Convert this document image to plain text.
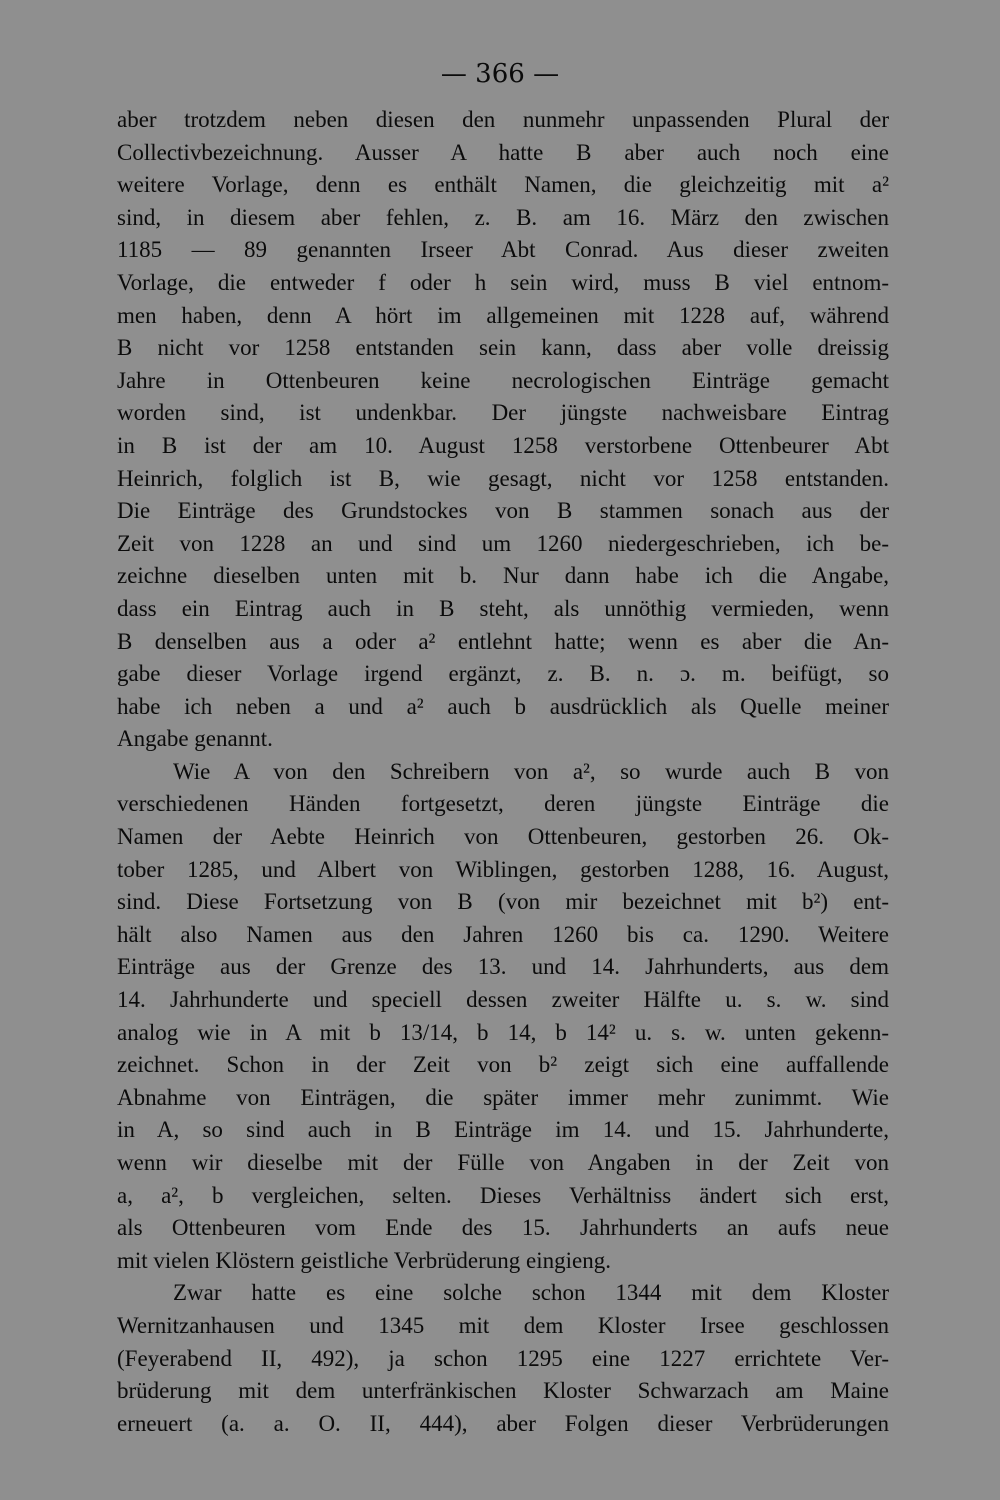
— 366 —
aber trotzdem neben diesen den nunmehr unpassenden Plural der
Collectivbezeichnung. Ausser A hatte B aber auch noch eine
weitere Vorlage, denn es enthält Namen, die gleichzeitig mit a²
sind, in diesem aber fehlen, z. B. am 16. März den zwischen
1185 — 89 genannten Irseer Abt Conrad. Aus dieser zweiten
Vorlage, die entweder f oder h sein wird, muss B viel entnom-
men haben, denn A hört im allgemeinen mit 1228 auf, während
B nicht vor 1258 entstanden sein kann, dass aber volle dreissig
Jahre in Ottenbeuren keine necrologischen Einträge gemacht
worden sind, ist undenkbar. Der jüngste nachweisbare Eintrag
in B ist der am 10. August 1258 verstorbene Ottenbeurer Abt
Heinrich, folglich ist B, wie gesagt, nicht vor 1258 entstanden.
Die Einträge des Grundstockes von B stammen sonach aus der
Zeit von 1228 an und sind um 1260 niedergeschrieben, ich be-
zeichne dieselben unten mit b. Nur dann habe ich die Angabe,
dass ein Eintrag auch in B steht, als unnöthig vermieden, wenn
B denselben aus a oder a² entlehnt hatte; wenn es aber die An-
gabe dieser Vorlage irgend ergänzt, z. B. n. ɔ. m. beifügt, so
habe ich neben a und a² auch b ausdrücklich als Quelle meiner
Angabe genannt.
Wie A von den Schreibern von a², so wurde auch B von
verschiedenen Händen fortgesetzt, deren jüngste Einträge die
Namen der Aebte Heinrich von Ottenbeuren, gestorben 26. Ok-
tober 1285, und Albert von Wiblingen, gestorben 1288, 16. August,
sind. Diese Fortsetzung von B (von mir bezeichnet mit b²) ent-
hält also Namen aus den Jahren 1260 bis ca. 1290. Weitere
Einträge aus der Grenze des 13. und 14. Jahrhunderts, aus dem
14. Jahrhunderte und speciell dessen zweiter Hälfte u. s. w. sind
analog wie in A mit b 13/14, b 14, b 14² u. s. w. unten gekenn-
zeichnet. Schon in der Zeit von b² zeigt sich eine auffallende
Abnahme von Einträgen, die später immer mehr zunimmt. Wie
in A, so sind auch in B Einträge im 14. und 15. Jahrhunderte,
wenn wir dieselbe mit der Fülle von Angaben in der Zeit von
a, a², b vergleichen, selten. Dieses Verhältniss ändert sich erst,
als Ottenbeuren vom Ende des 15. Jahrhunderts an aufs neue
mit vielen Klöstern geistliche Verbrüderung eingieng.
Zwar hatte es eine solche schon 1344 mit dem Kloster
Wernitzanhausen und 1345 mit dem Kloster Irsee geschlossen
(Feyerabend II, 492), ja schon 1295 eine 1227 errichtete Ver-
brüderung mit dem unterfränkischen Kloster Schwarzach am Maine
erneuert (a. a. O. II, 444), aber Folgen dieser Verbrüderungen
